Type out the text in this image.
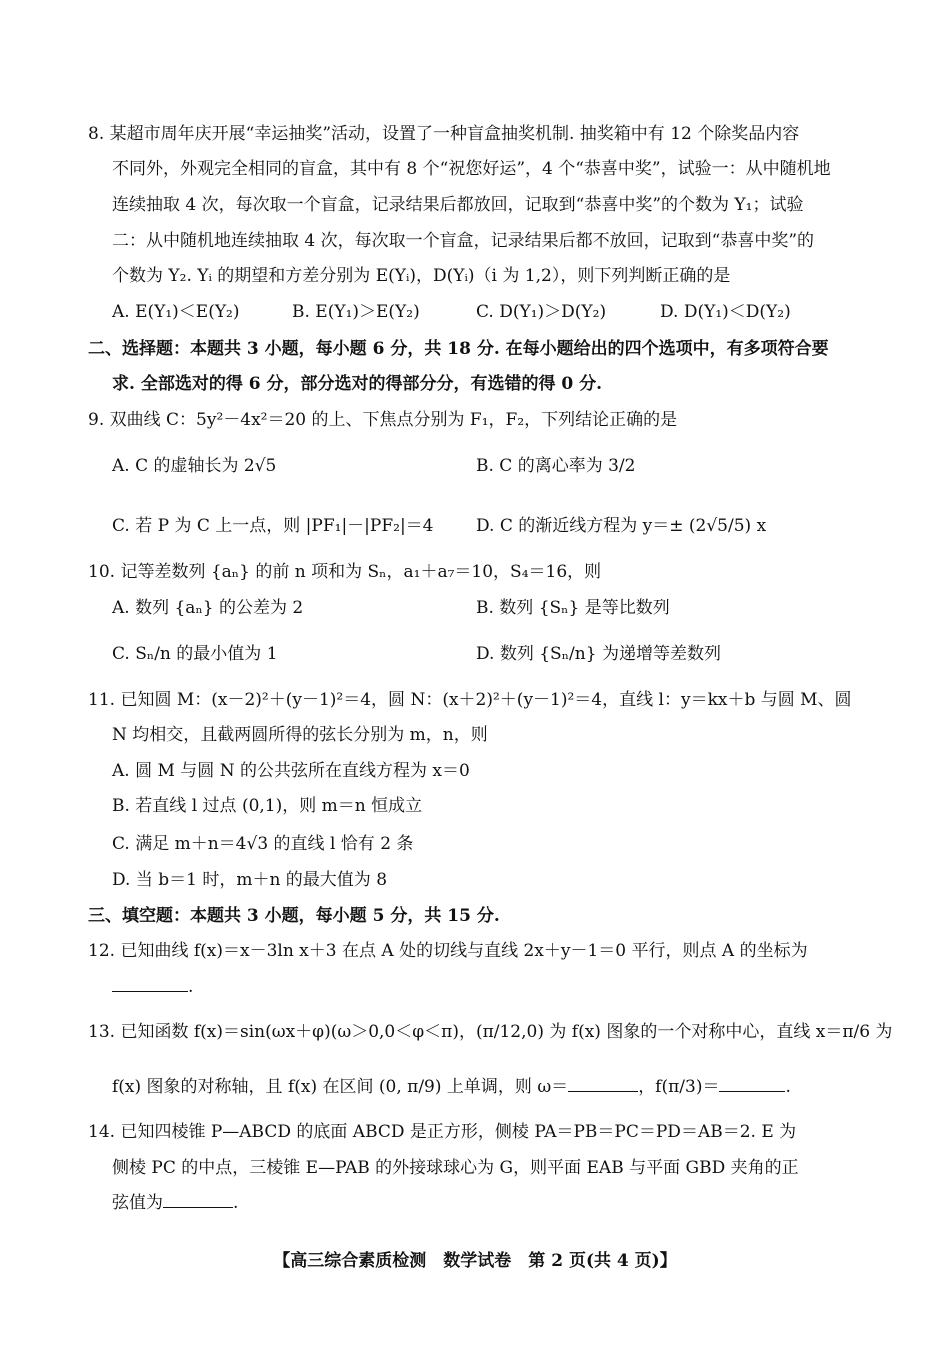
8. 某超市周年庆开展“幸运抽奖”活动，设置了一种盲盒抽奖机制. 抽奖箱中有 12 个除奖品内容
不同外，外观完全相同的盲盒，其中有 8 个“祝您好运”，4 个“恭喜中奖”，试验一：从中随机地
连续抽取 4 次，每次取一个盲盒，记录结果后都放回，记取到“恭喜中奖”的个数为 Y₁；试验
二：从中随机地连续抽取 4 次，每次取一个盲盒，记录结果后都不放回，记取到“恭喜中奖”的
个数为 Y₂. Yᵢ 的期望和方差分别为 E(Yᵢ)，D(Yᵢ)（i 为 1,2），则下列判断正确的是
A. E(Y₁)＜E(Y₂)	B. E(Y₁)＞E(Y₂)	C. D(Y₁)＞D(Y₂)	D. D(Y₁)＜D(Y₂)
二、选择题：本题共 3 小题，每小题 6 分，共 18 分. 在每小题给出的四个选项中，有多项符合要
求. 全部选对的得 6 分，部分选对的得部分分，有选错的得 0 分.
9. 双曲线 C：5y²－4x²＝20 的上、下焦点分别为 F₁，F₂，下列结论正确的是
A. C 的虚轴长为 2√5	B. C 的离心率为 3/2
C. 若 P 为 C 上一点，则 |PF₁|－|PF₂|＝4	D. C 的渐近线方程为 y＝± (2√5/5) x
10. 记等差数列 {aₙ} 的前 n 项和为 Sₙ，a₁＋a₇＝10，S₄＝16，则
A. 数列 {aₙ} 的公差为 2	B. 数列 {Sₙ} 是等比数列
C. Sₙ/n 的最小值为 1	D. 数列 {Sₙ/n} 为递增等差数列
11. 已知圆 M：(x－2)²＋(y－1)²＝4，圆 N：(x＋2)²＋(y－1)²＝4，直线 l：y＝kx＋b 与圆 M、圆
N 均相交，且截两圆所得的弦长分别为 m，n，则
A. 圆 M 与圆 N 的公共弦所在直线方程为 x＝0
B. 若直线 l 过点 (0,1)，则 m＝n 恒成立
C. 满足 m＋n＝4√3 的直线 l 恰有 2 条
D. 当 b＝1 时，m＋n 的最大值为 8
三、填空题：本题共 3 小题，每小题 5 分，共 15 分.
12. 已知曲线 f(x)＝x－3ln x＋3 在点 A 处的切线与直线 2x＋y－1＝0 平行，则点 A 的坐标为
.
13. 已知函数 f(x)＝sin(ωx＋φ)(ω＞0,0＜φ＜π)，(π/12,0) 为 f(x) 图象的一个对称中心，直线 x＝π/6 为
f(x) 图象的对称轴，且 f(x) 在区间 (0, π/9) 上单调，则 ω＝	，f(π/3)＝	.
14. 已知四棱锥 P—ABCD 的底面 ABCD 是正方形，侧棱 PA＝PB＝PC＝PD＝AB＝2. E 为
侧棱 PC 的中点，三棱锥 E—PAB 的外接球球心为 G，则平面 EAB 与平面 GBD 夹角的正
弦值为	.
【高三综合素质检测　数学试卷　第 2 页(共 4 页)】
